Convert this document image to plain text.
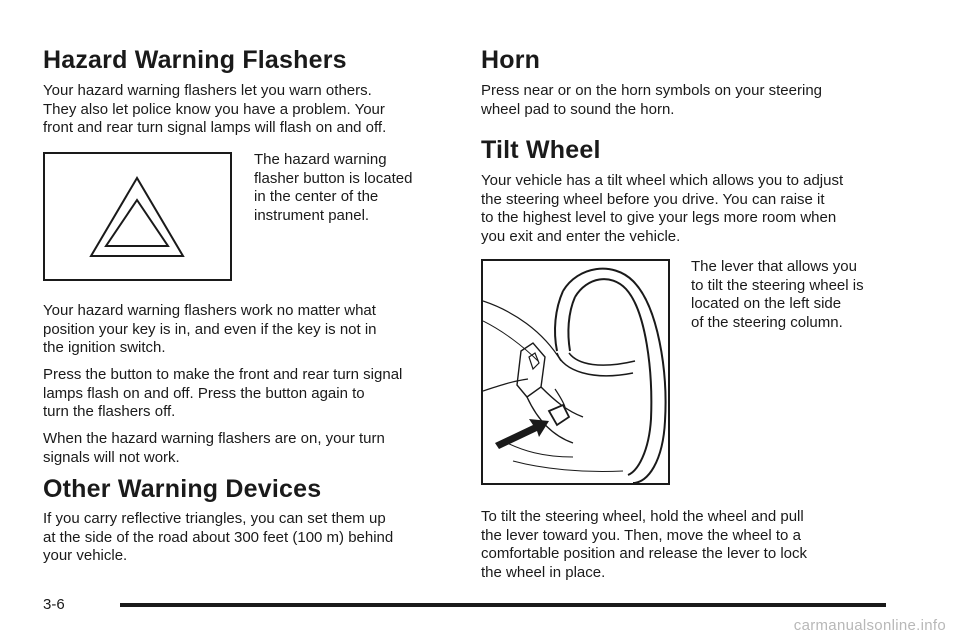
Hazard Warning Flashers

Your hazard warning flashers let you warn others.
They also let police know you have a problem. Your
front and rear turn signal lamps will flash on and off.

The hazard warning
flasher button is located
in the center of the
instrument panel.

Your hazard warning flashers work no matter what
position your key is in, and even if the key is not in
the ignition switch.

Press the button to make the front and rear turn signal
lamps flash on and off. Press the button again to
turn the flashers off.

When the hazard warning flashers are on, your turn
signals will not work.

Other Warning Devices

If you carry reflective triangles, you can set them up
at the side of the road about 300 feet (100 m) behind
your vehicle.

Horn

Press near or on the horn symbols on your steering
wheel pad to sound the horn.

Tilt Wheel

Your vehicle has a tilt wheel which allows you to adjust
the steering wheel before you drive. You can raise it
to the highest level to give your legs more room when
you exit and enter the vehicle.

The lever that allows you
to tilt the steering wheel is
located on the left side
of the steering column.

To tilt the steering wheel, hold the wheel and pull
the lever toward you. Then, move the wheel to a
comfortable position and release the lever to lock
the wheel in place.

3-6
carmanualsonline.info
